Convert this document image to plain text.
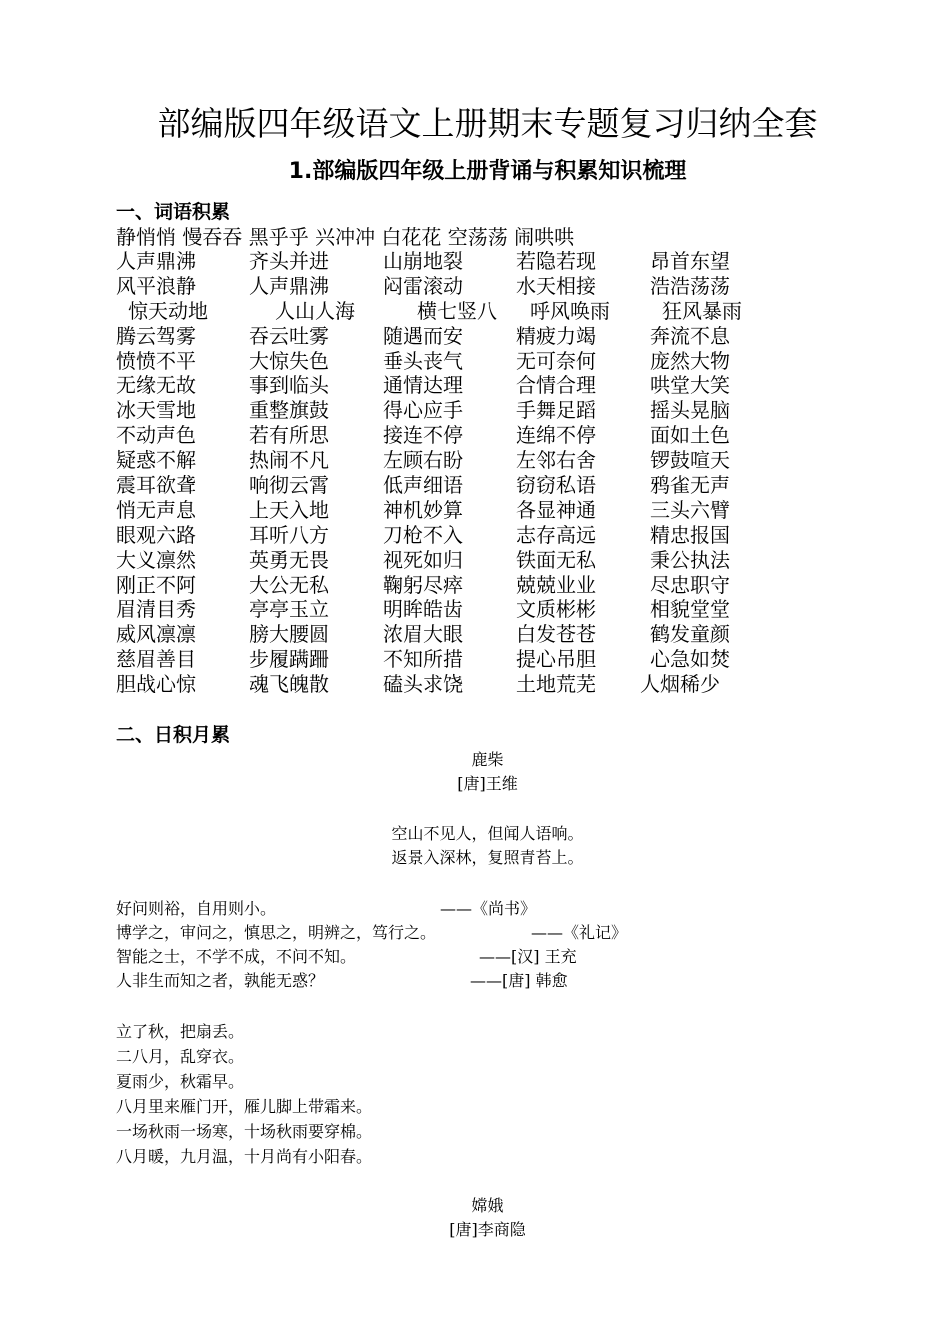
部编版四年级语文上册期末专题复习归纳全套
1.部编版四年级上册背诵与积累知识梳理
一、词语积累
静悄悄 慢吞吞 黑乎乎 兴冲冲 白花花 空荡荡 闹哄哄
人声鼎沸	齐头并进	山崩地裂	若隐若现	昂首东望
风平浪静	人声鼎沸	闷雷滚动	水天相接	浩浩荡荡
惊天动地	人山人海	横七竖八 呼风唤雨	狂风暴雨
腾云驾雾	吞云吐雾	随遇而安	精疲力竭	奔流不息
愤愤不平	大惊失色	垂头丧气	无可奈何	庞然大物
无缘无故	事到临头	通情达理	合情合理	哄堂大笑
冰天雪地	重整旗鼓	得心应手	手舞足蹈	摇头晃脑
不动声色	若有所思	接连不停	连绵不停	面如土色
疑惑不解	热闹不凡	左顾右盼	左邻右舍	锣鼓喧天
震耳欲聋	响彻云霄	低声细语	窃窃私语	鸦雀无声
悄无声息	上天入地	神机妙算	各显神通	三头六臂
眼观六路	耳听八方	刀枪不入	志存高远	精忠报国
大义凛然	英勇无畏	视死如归	铁面无私	秉公执法
刚正不阿	大公无私	鞠躬尽瘁	兢兢业业	尽忠职守
眉清目秀	亭亭玉立	明眸皓齿	文质彬彬	相貌堂堂
威风凛凛	膀大腰圆	浓眉大眼	白发苍苍	鹤发童颜
慈眉善目	步履蹒跚	不知所措	提心吊胆	心急如焚
胆战心惊	魂飞魄散	磕头求饶	土地荒芜 人烟稀少
二、日积月累
鹿柴
[唐]王维
空山不见人，但闻人语响。
返景入深林，复照青苔上。
好问则裕，自用则小。	——《尚书》
博学之，审问之，慎思之，明辨之，笃行之。	——《礼记》
智能之士，不学不成，不问不知。	——[汉] 王充
人非生而知之者，孰能无惑？	——[唐] 韩愈
立了秋，把扇丢。
二八月，乱穿衣。
夏雨少，秋霜早。
八月里来雁门开，雁儿脚上带霜来。
一场秋雨一场寒，十场秋雨要穿棉。
八月暖，九月温，十月尚有小阳春。
嫦娥
[唐]李商隐
